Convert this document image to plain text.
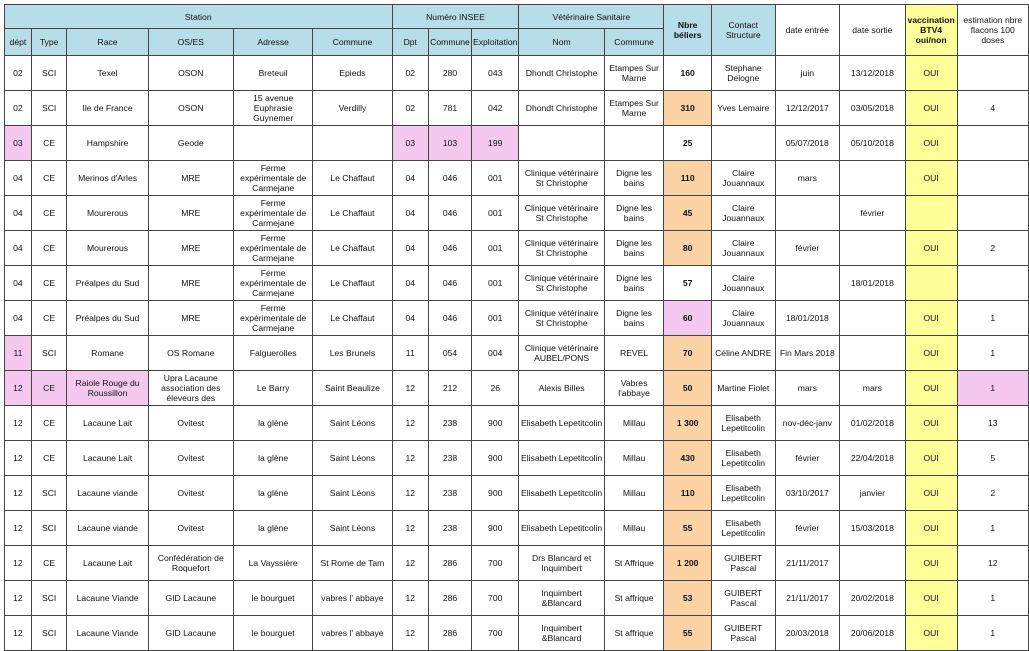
Station						Numéro INSEE			Vétérinaire Sanitaire		Nbre béliers	Contact Structure	date entrée	date sortie	vaccination BTV4 oui/non	estimation nbre flacons 100 doses
dépt	Type	Race	OS/ES	Adresse	Commune	Dpt	Commune	Exploitation	Nom	Commune						
02	SCI	Texel	OSON	Breteuil	Epieds	02	280	043	Dhondt Christophe	Etampes Sur Marne	160	Stephane Delogne	juin	13/12/2018	OUI	
02	SCI	Ile de France	OSON	15 avenue Euphrasie Guynemer	Verdilly	02	781	042	Dhondt Christophe	Etampes Sur Marne	310	Yves Lemaire	12/12/2017	03/05/2018	OUI	4
03	CE	Hampshire	Geode			03	103	199			25		05/07/2018	05/10/2018	OUI	
04	CE	Merinos d'Arles	MRE	Ferme expérimentale de Carmejane	Le Chaffaut	04	046	001	Clinique vétérinaire St Christophe	Digne les bains	110	Claire Jouannaux	mars		OUI	
04	CE	Mourerous	MRE	Ferme expérimentale de Carmejane	Le Chaffaut	04	046	001	Clinique vétérinaire St Christophe	Digne les bains	45	Claire Jouannaux		février		
04	CE	Mourerous	MRE	Ferme expérimentale de Carmejane	Le Chaffaut	04	046	001	Clinique vétérinaire St Christophe	Digne les bains	80	Claire Jouannaux	février		OUI	2
04	CE	Préalpes du Sud	MRE	Ferme expérimentale de Carmejane	Le Chaffaut	04	046	001	Clinique vétérinaire St Christophe	Digne les bains	57	Claire Jouannaux		18/01/2018		
04	CE	Préalpes du Sud	MRE	Ferme expérimentale de Carmejane	Le Chaffaut	04	046	001	Clinique vétérinaire St Christophe	Digne les bains	60	Claire Jouannaux	18/01/2018		OUI	1
11	SCI	Romane	OS Romane	Falguerolles	Les Brunels	11	054	004	Clinique vétérinaire AUBEL/PONS	REVEL	70	Céline ANDRE	Fin Mars 2018		OUI	1
12	CE	Raiole Rouge du Roussillon	Upra Lacaune association des éleveurs des	Le Barry	Saint Beaulize	12	212	26	Alexis Billes	Vabres l'abbaye	50	Martine Fiolet	mars	mars	OUI	1
12	CE	Lacaune Lait	Ovitest	la glène	Saint Léons	12	238	900	Elisabeth Lepetitcolin	Millau	1 300	Elisabeth Lepetitcolin	nov-déc-janv	01/02/2018	OUI	13
12	CE	Lacaune Lait	Ovitest	la glène	Saint Léons	12	238	900	Elisabeth Lepetitcolin	Millau	430	Elisabeth Lepetitcolin	février	22/04/2018	OUI	5
12	SCI	Lacaune viande	Ovitest	la glène	Saint Léons	12	238	900	Elisabeth Lepetitcolin	Millau	110	Elisabeth Lepetitcolin	03/10/2017	janvier	OUI	2
12	SCI	Lacaune viande	Ovitest	la glène	Saint Léons	12	238	900	Elisabeth Lepetitcolin	Millau	55	Elisabeth Lepetitcolin	février	15/03/2018	OUI	1
12	CE	Lacaune Lait	Confédération de Roquefort	La Vayssière	St Rome de Tam	12	286	700	Drs Blancard et Inquimbert	St Affrique	1 200	GUIBERT Pascal	21/11/2017		OUI	12
12	SCI	Lacaune Viande	GID Lacaune	le bourguet	vabres l' abbaye	12	286	700	Inquimbert &Blancard	St affrique	53	GUIBERT Pascal	21/11/2017	20/02/2018	OUI	1
12	SCI	Lacaune Viande	GID Lacaune	le bourguet	vabres l' abbaye	12	286	700	Inquimbert &Blancard	St affrique	55	GUIBERT Pascal	20/03/2018	20/06/2018	OUI	1
